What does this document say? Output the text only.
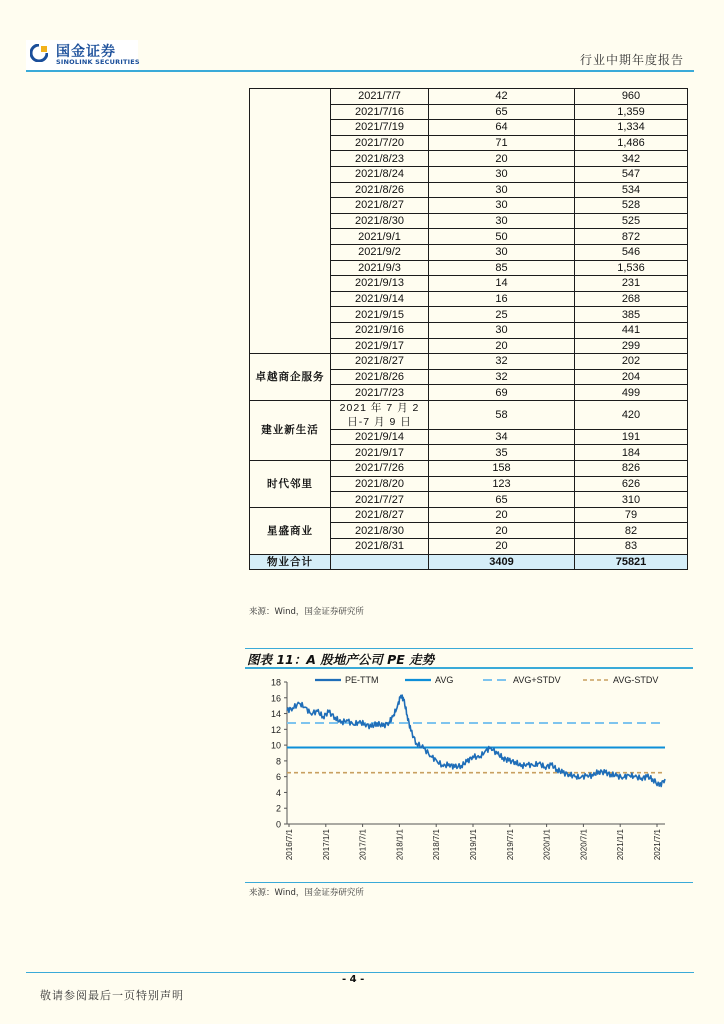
国金证券
SINOLINK SECURITIES	行业中期年度报告
	2021/7/7	42	960
	2021/7/16	65	1,359
	2021/7/19	64	1,334
	2021/7/20	71	1,486
	2021/8/23	20	342
	2021/8/24	30	547
	2021/8/26	30	534
	2021/8/27	30	528
	2021/8/30	30	525
	2021/9/1	50	872
	2021/9/2	30	546
	2021/9/3	85	1,536
	2021/9/13	14	231
	2021/9/14	16	268
	2021/9/15	25	385
	2021/9/16	30	441
	2021/9/17	20	299
卓越商企服务	2021/8/27	32	202
	2021/8/26	32	204
	2021/7/23	69	499
建业新生活	2021 年 7 月 2
日-7 月 9 日	58	420
	2021/9/14	34	191
	2021/9/17	35	184
时代邻里	2021/7/26	158	826
	2021/8/20	123	626
	2021/7/27	65	310
星盛商业	2021/8/27	20	79
	2021/8/30	20	82
	2021/8/31	20	83
物业合计		3409	75821
来源：Wind，国金证券研究所
图表 11：A 股地产公司 PE 走势
0
2
4
6
8
10
12
14
16
18
2016/7/1	2017/1/1	2017/7/1	2018/1/1	2018/7/1	2019/1/1	2019/7/1	2020/1/1	2020/7/1	2021/1/1	2021/7/1
PE-TTM	AVG	AVG+STDV	AVG-STDV
来源：Wind，国金证券研究所
- 4 -
敬请参阅最后一页特别声明
